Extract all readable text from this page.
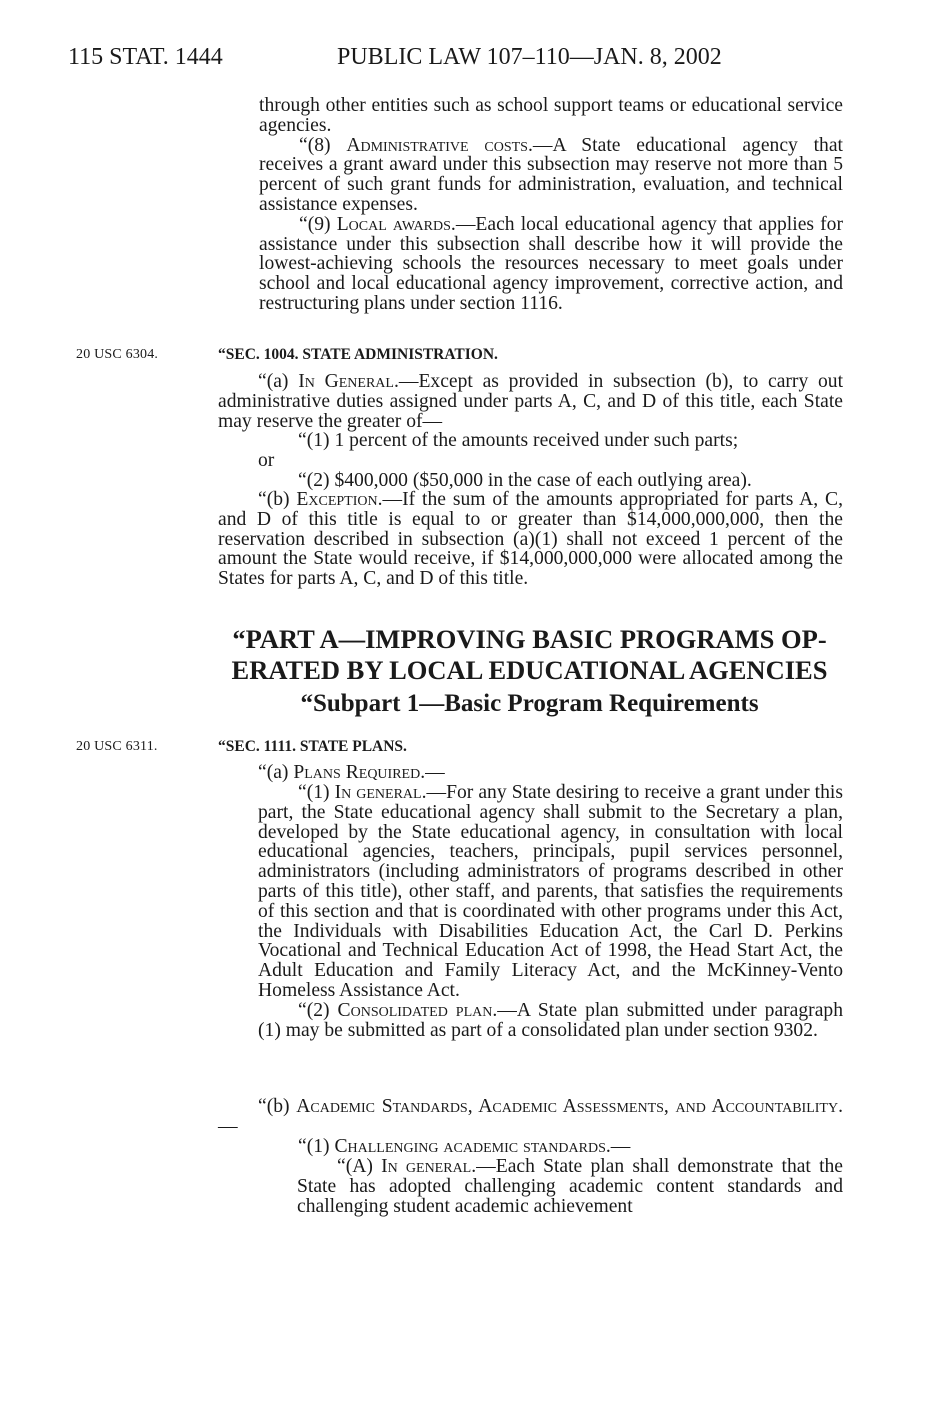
115 STAT. 1444	PUBLIC LAW 107–110—JAN. 8, 2002

through other entities such as school support teams or educational service agencies.

“(8) Administrative costs.—A State educational agency that receives a grant award under this subsection may reserve not more than 5 percent of such grant funds for administration, evaluation, and technical assistance expenses.

“(9) Local awards.—Each local educational agency that applies for assistance under this subsection shall describe how it will provide the lowest-achieving schools the resources necessary to meet goals under school and local educational agency improvement, corrective action, and restructuring plans under section 1116.

20 USC 6304.	“SEC. 1004. STATE ADMINISTRATION.

“(a) In General.—Except as provided in subsection (b), to carry out administrative duties assigned under parts A, C, and D of this title, each State may reserve the greater of—

“(1) 1 percent of the amounts received under such parts;

or

“(2) $400,000 ($50,000 in the case of each outlying area).

“(b) Exception.—If the sum of the amounts appropriated for parts A, C, and D of this title is equal to or greater than $14,000,000,000, then the reservation described in subsection (a)(1) shall not exceed 1 percent of the amount the State would receive, if $14,000,000,000 were allocated among the States for parts A, C, and D of this title.

“PART A—IMPROVING BASIC PROGRAMS OP-
ERATED BY LOCAL EDUCATIONAL AGENCIES
“Subpart 1—Basic Program Requirements
20 USC 6311.	“SEC. 1111. STATE PLANS.

“(a) Plans Required.—

“(1) In general.—For any State desiring to receive a grant under this part, the State educational agency shall submit to the Secretary a plan, developed by the State educational agency, in consultation with local educational agencies, teachers, principals, pupil services personnel, administrators (including administrators of programs described in other parts of this title), other staff, and parents, that satisfies the requirements of this section and that is coordinated with other programs under this Act, the Individuals with Disabilities Education Act, the Carl D. Perkins Vocational and Technical Education Act of 1998, the Head Start Act, the Adult Education and Family Literacy Act, and the McKinney-Vento Homeless Assistance Act.

“(2) Consolidated plan.—A State plan submitted under paragraph (1) may be submitted as part of a consolidated plan under section 9302.

“(b) Academic Standards, Academic Assessments, and Accountability.—

“(1) Challenging academic standards.—

“(A) In general.—Each State plan shall demonstrate that the State has adopted challenging academic content standards and challenging student academic achievement
